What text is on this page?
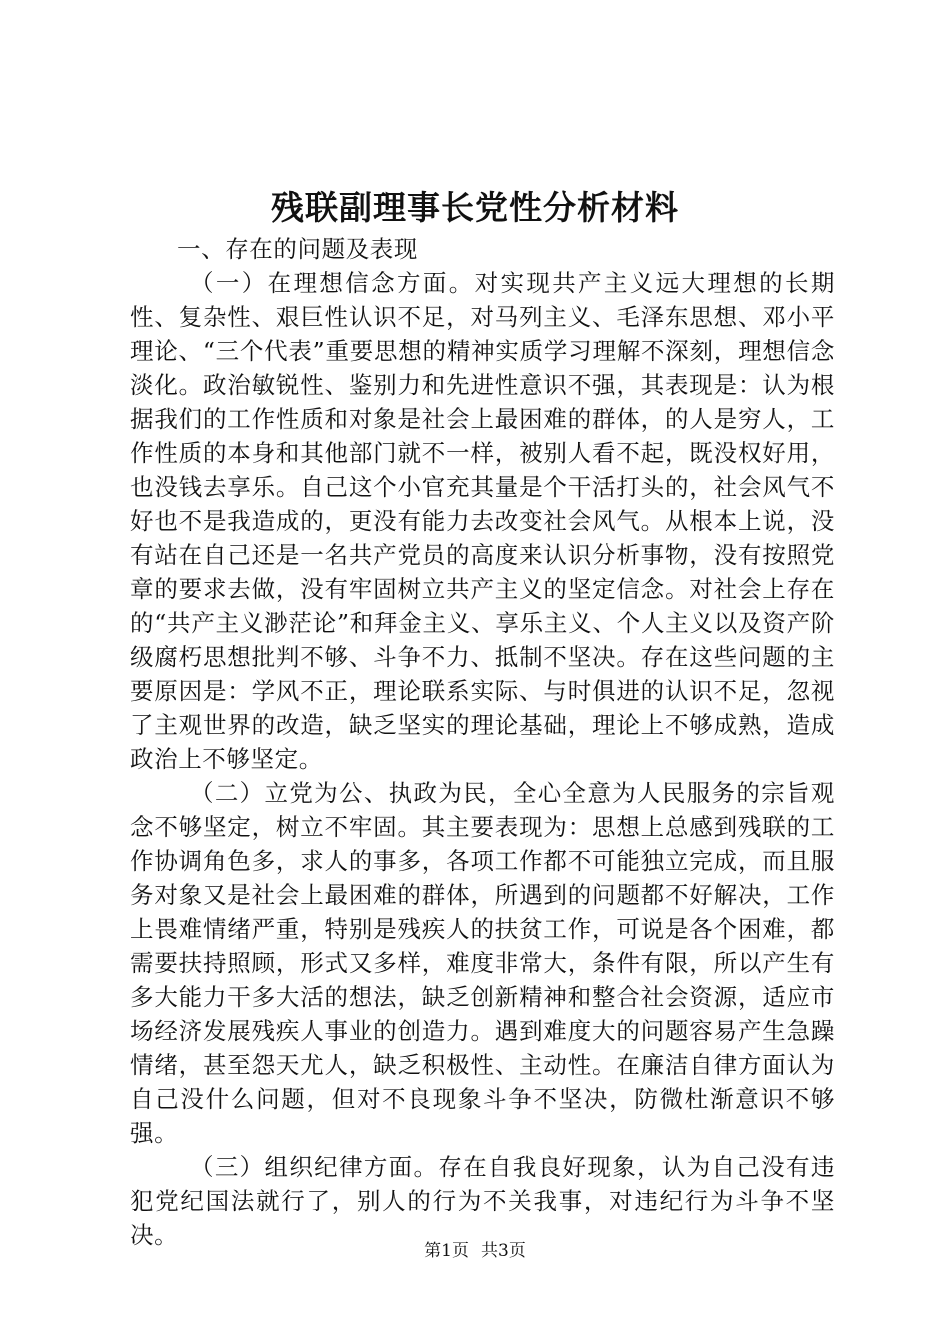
残联副理事长党性分析材料

一、存在的问题及表现

（一）在理想信念方面。对实现共产主义远大理想的长期性、复杂性、艰巨性认识不足，对马列主义、毛泽东思想、邓小平理论、“三个代表”重要思想的精神实质学习理解不深刻，理想信念淡化。政治敏锐性、鉴别力和先进性意识不强，其表现是：认为根据我们的工作性质和对象是社会上最困难的群体，的人是穷人，工作性质的本身和其他部门就不一样，被别人看不起，既没权好用，也没钱去享乐。自己这个小官充其量是个干活打头的，社会风气不好也不是我造成的，更没有能力去改变社会风气。从根本上说，没有站在自己还是一名共产党员的高度来认识分析事物，没有按照党章的要求去做，没有牢固树立共产主义的坚定信念。对社会上存在的“共产主义渺茫论”和拜金主义、享乐主义、个人主义以及资产阶级腐朽思想批判不够、斗争不力、抵制不坚决。存在这些问题的主要原因是：学风不正，理论联系实际、与时俱进的认识不足，忽视了主观世界的改造，缺乏坚实的理论基础，理论上不够成熟，造成政治上不够坚定。

（二）立党为公、执政为民，全心全意为人民服务的宗旨观念不够坚定，树立不牢固。其主要表现为：思想上总感到残联的工作协调角色多，求人的事多，各项工作都不可能独立完成，而且服务对象又是社会上最困难的群体，所遇到的问题都不好解决，工作上畏难情绪严重，特别是残疾人的扶贫工作，可说是各个困难，都需要扶持照顾，形式又多样，难度非常大，条件有限，所以产生有多大能力干多大活的想法，缺乏创新精神和整合社会资源，适应市场经济发展残疾人事业的创造力。遇到难度大的问题容易产生急躁情绪，甚至怨天尤人，缺乏积极性、主动性。在廉洁自律方面认为自己没什么问题，但对不良现象斗争不坚决，防微杜渐意识不够强。

（三）组织纪律方面。存在自我良好现象，认为自己没有违犯党纪国法就行了，别人的行为不关我事，对违纪行为斗争不坚决。

第1页 共3页
